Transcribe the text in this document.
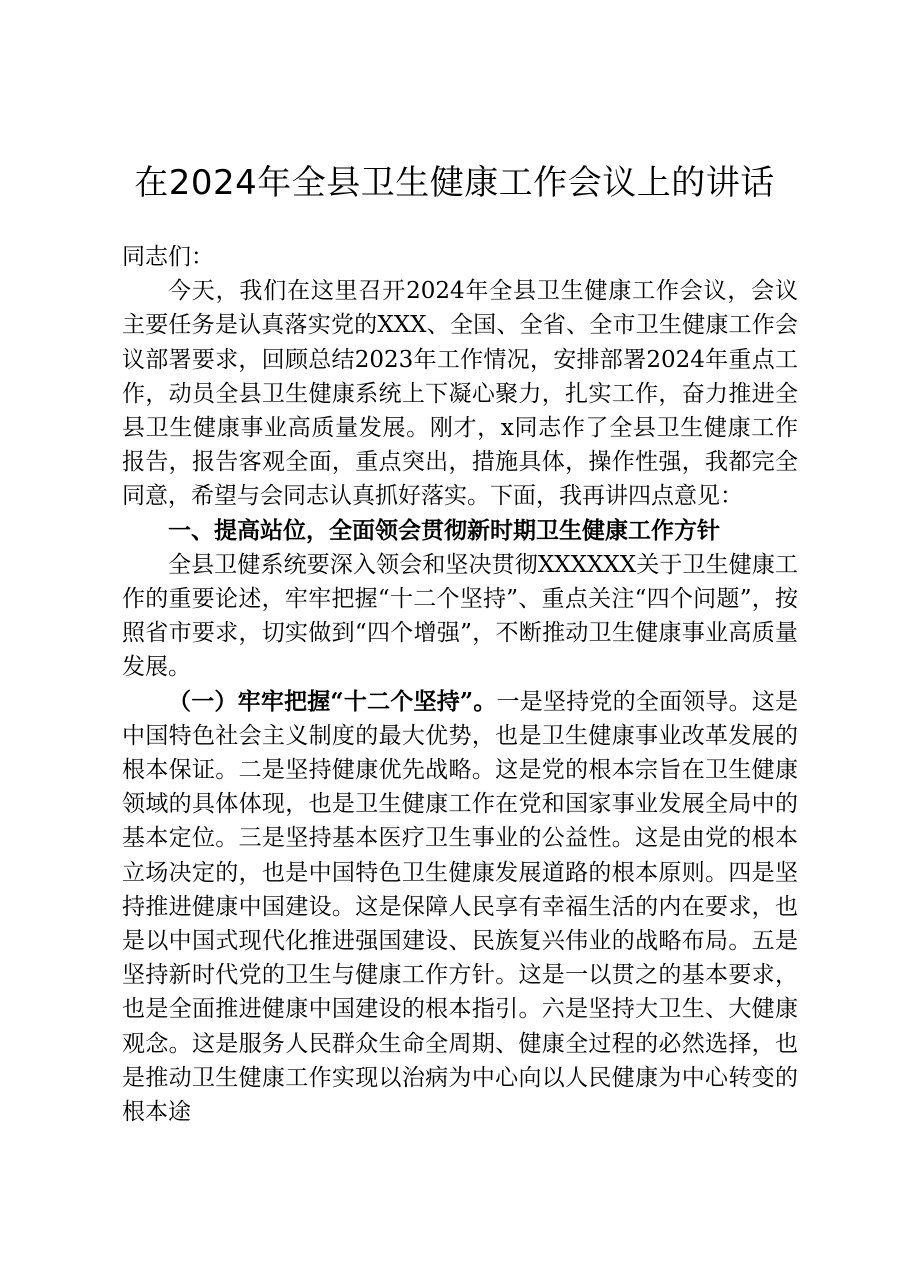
在2024年全县卫生健康工作会议上的讲话

同志们：

今天，我们在这里召开2024年全县卫生健康工作会议，会议主要任务是认真落实党的XXX、全国、全省、全市卫生健康工作会议部署要求，回顾总结2023年工作情况，安排部署2024年重点工作，动员全县卫生健康系统上下凝心聚力，扎实工作，奋力推进全县卫生健康事业高质量发展。刚才，x同志作了全县卫生健康工作报告，报告客观全面，重点突出，措施具体，操作性强，我都完全同意，希望与会同志认真抓好落实。下面，我再讲四点意见：

一、提高站位，全面领会贯彻新时期卫生健康工作方针

全县卫健系统要深入领会和坚决贯彻XXXXXX关于卫生健康工作的重要论述，牢牢把握“十二个坚持”、重点关注“四个问题”，按照省市要求，切实做到“四个增强”，不断推动卫生健康事业高质量发展。

（一）牢牢把握“十二个坚持”。一是坚持党的全面领导。这是中国特色社会主义制度的最大优势，也是卫生健康事业改革发展的根本保证。二是坚持健康优先战略。这是党的根本宗旨在卫生健康领域的具体体现，也是卫生健康工作在党和国家事业发展全局中的基本定位。三是坚持基本医疗卫生事业的公益性。这是由党的根本立场决定的，也是中国特色卫生健康发展道路的根本原则。四是坚持推进健康中国建设。这是保障人民享有幸福生活的内在要求，也是以中国式现代化推进强国建设、民族复兴伟业的战略布局。五是坚持新时代党的卫生与健康工作方针。这是一以贯之的基本要求，也是全面推进健康中国建设的根本指引。六是坚持大卫生、大健康观念。这是服务人民群众生命全周期、健康全过程的必然选择，也是推动卫生健康工作实现以治病为中心向以人民健康为中心转变的根本途
